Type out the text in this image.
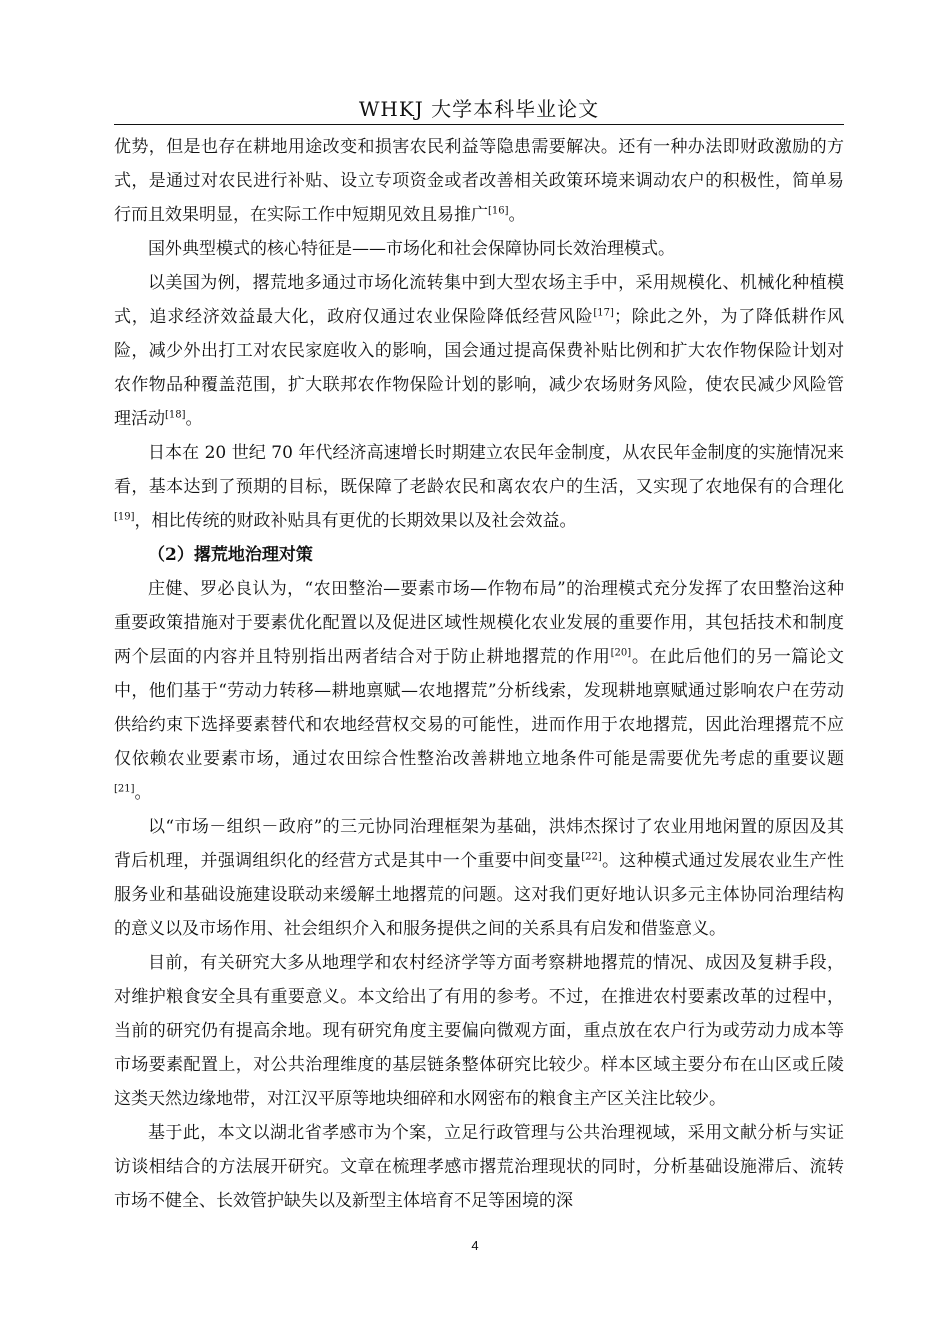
WHKJ 大学本科毕业论文

优势，但是也存在耕地用途改变和损害农民利益等隐患需要解决。还有一种办法即财政激励的方式，是通过对农民进行补贴、设立专项资金或者改善相关政策环境来调动农户的积极性，简单易行而且效果明显，在实际工作中短期见效且易推广[16]。

国外典型模式的核心特征是——市场化和社会保障协同长效治理模式。

以美国为例，撂荒地多通过市场化流转集中到大型农场主手中，采用规模化、机械化种植模式，追求经济效益最大化，政府仅通过农业保险降低经营风险[17]；除此之外，为了降低耕作风险，减少外出打工对农民家庭收入的影响，国会通过提高保费补贴比例和扩大农作物保险计划对农作物品种覆盖范围，扩大联邦农作物保险计划的影响，减少农场财务风险，使农民减少风险管理活动[18]。

日本在 20 世纪 70 年代经济高速增长时期建立农民年金制度，从农民年金制度的实施情况来看，基本达到了预期的目标，既保障了老龄农民和离农农户的生活，又实现了农地保有的合理化[19]，相比传统的财政补贴具有更优的长期效果以及社会效益。

（2）撂荒地治理对策

庄健、罗必良认为，“农田整治—要素市场—作物布局”的治理模式充分发挥了农田整治这种重要政策措施对于要素优化配置以及促进区域性规模化农业发展的重要作用，其包括技术和制度两个层面的内容并且特别指出两者结合对于防止耕地撂荒的作用[20]。在此后他们的另一篇论文中，他们基于“劳动力转移—耕地禀赋—农地撂荒”分析线索，发现耕地禀赋通过影响农户在劳动供给约束下选择要素替代和农地经营权交易的可能性，进而作用于农地撂荒，因此治理撂荒不应仅依赖农业要素市场，通过农田综合性整治改善耕地立地条件可能是需要优先考虑的重要议题[21]。

以“市场－组织－政府”的三元协同治理框架为基础，洪炜杰探讨了农业用地闲置的原因及其背后机理，并强调组织化的经营方式是其中一个重要中间变量[22]。这种模式通过发展农业生产性服务业和基础设施建设联动来缓解土地撂荒的问题。这对我们更好地认识多元主体协同治理结构的意义以及市场作用、社会组织介入和服务提供之间的关系具有启发和借鉴意义。

目前，有关研究大多从地理学和农村经济学等方面考察耕地撂荒的情况、成因及复耕手段，对维护粮食安全具有重要意义。本文给出了有用的参考。不过，在推进农村要素改革的过程中，当前的研究仍有提高余地。现有研究角度主要偏向微观方面，重点放在农户行为或劳动力成本等市场要素配置上，对公共治理维度的基层链条整体研究比较少。样本区域主要分布在山区或丘陵这类天然边缘地带，对江汉平原等地块细碎和水网密布的粮食主产区关注比较少。

基于此，本文以湖北省孝感市为个案，立足行政管理与公共治理视域，采用文献分析与实证访谈相结合的方法展开研究。文章在梳理孝感市撂荒治理现状的同时，分析基础设施滞后、流转市场不健全、长效管护缺失以及新型主体培育不足等困境的深

4
